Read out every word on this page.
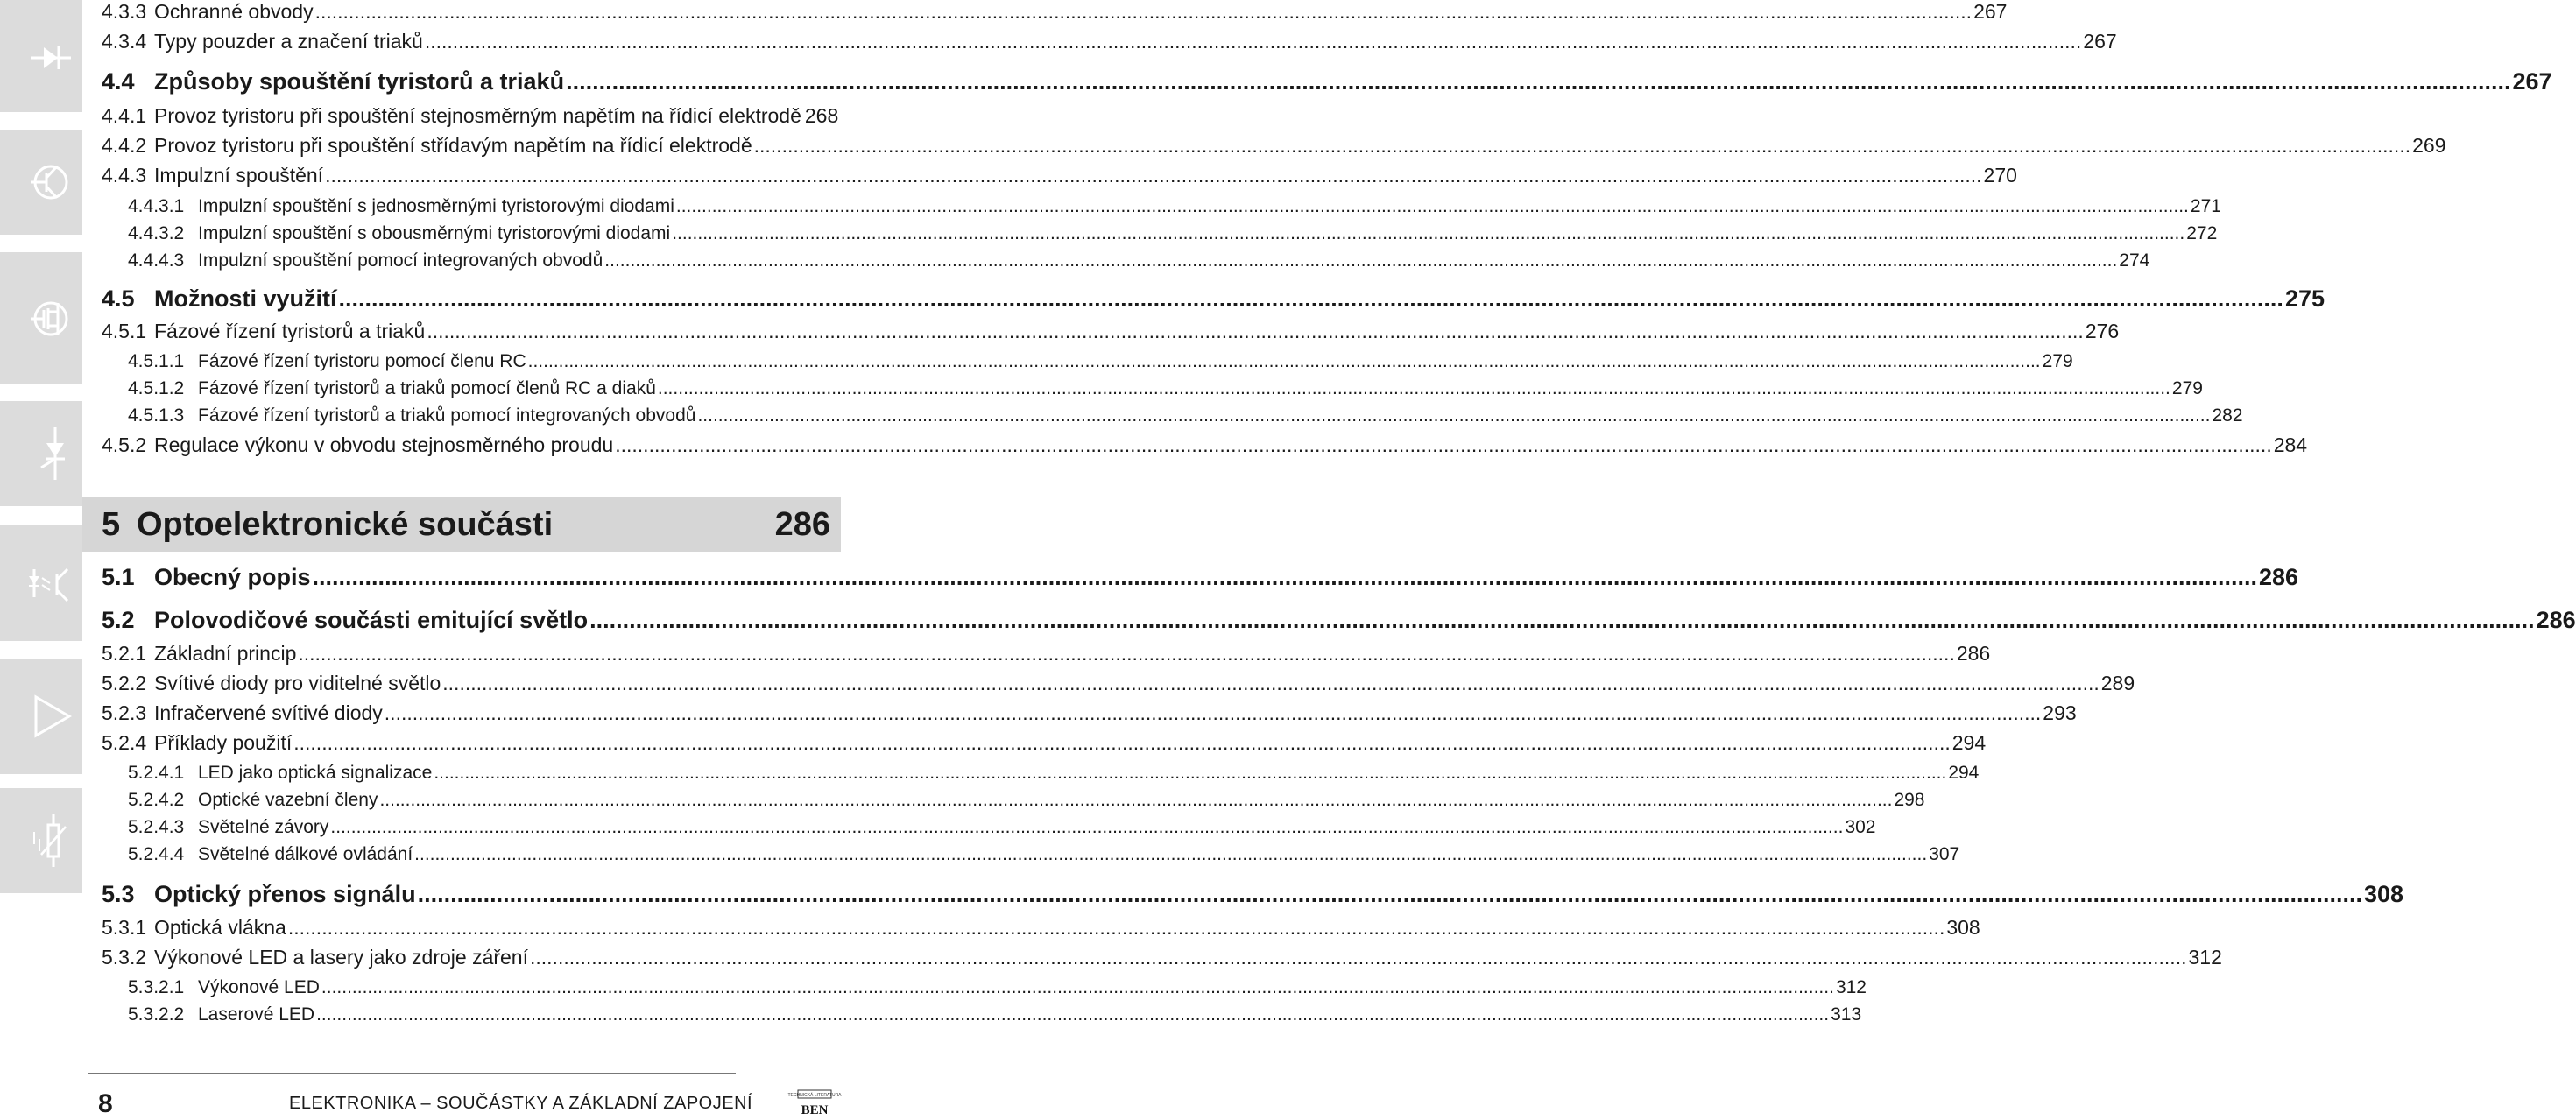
5 Optoelektronické součásti	286
4.3.3 Ochranné obvody .....	267
4.3.4 Typy pouzder a značení triaků .....	267
4.4 Způsoby spouštění tyristorů a triaků .....	267
4.4.1 Provoz tyristoru při spouštění stejnosměrným napětím na řídicí elektrodě 268
4.4.2 Provoz tyristoru při spouštění střídavým napětím na řídicí elektrodě .....	269
4.4.3 Impulzní spouštění .....	270
4.4.3.1 Impulzní spouštění s jednosměrnými tyristorovými diodami .....	271
4.4.3.2 Impulzní spouštění s obousměrnými tyristorovými diodami .....	272
4.4.4.3 Impulzní spouštění pomocí integrovaných obvodů .....	274
4.5 Možnosti využití .....	275
4.5.1 Fázové řízení tyristorů a triaků .....	276
4.5.1.1 Fázové řízení tyristoru pomocí členu RC .....	279
4.5.1.2 Fázové řízení tyristorů a triaků pomocí členů RC a diaků .....	279
4.5.1.3 Fázové řízení tyristorů a triaků pomocí integrovaných obvodů .....	282
4.5.2 Regulace výkonu v obvodu stejnosměrného proudu .....	284
5.1 Obecný popis .....	286
5.2 Polovodičové součásti emitující světlo .....	286
5.2.1 Základní princip .....	286
5.2.2 Svítivé diody pro viditelné světlo .....	289
5.2.3 Infračervené svítivé diody .....	293
5.2.4 Příklady použití .....	294
5.2.4.1 LED jako optická signalizace .....	294
5.2.4.2 Optické vazební členy .....	298
5.2.4.3 Světelné závory .....	302
5.2.4.4 Světelné dálkové ovládání .....	307
5.3 Optický přenos signálu .....	308
5.3.1 Optická vlákna .....	308
5.3.2 Výkonové LED a lasery jako zdroje záření .....	312
5.3.2.1 Výkonové LED .....	312
5.3.2.2 Laserové LED .....	313
8	ELEKTRONIKA – SOUČÁSTKY A ZÁKLADNÍ ZAPOJENÍ	TECHNICKÁ LITERATURA
BEN
